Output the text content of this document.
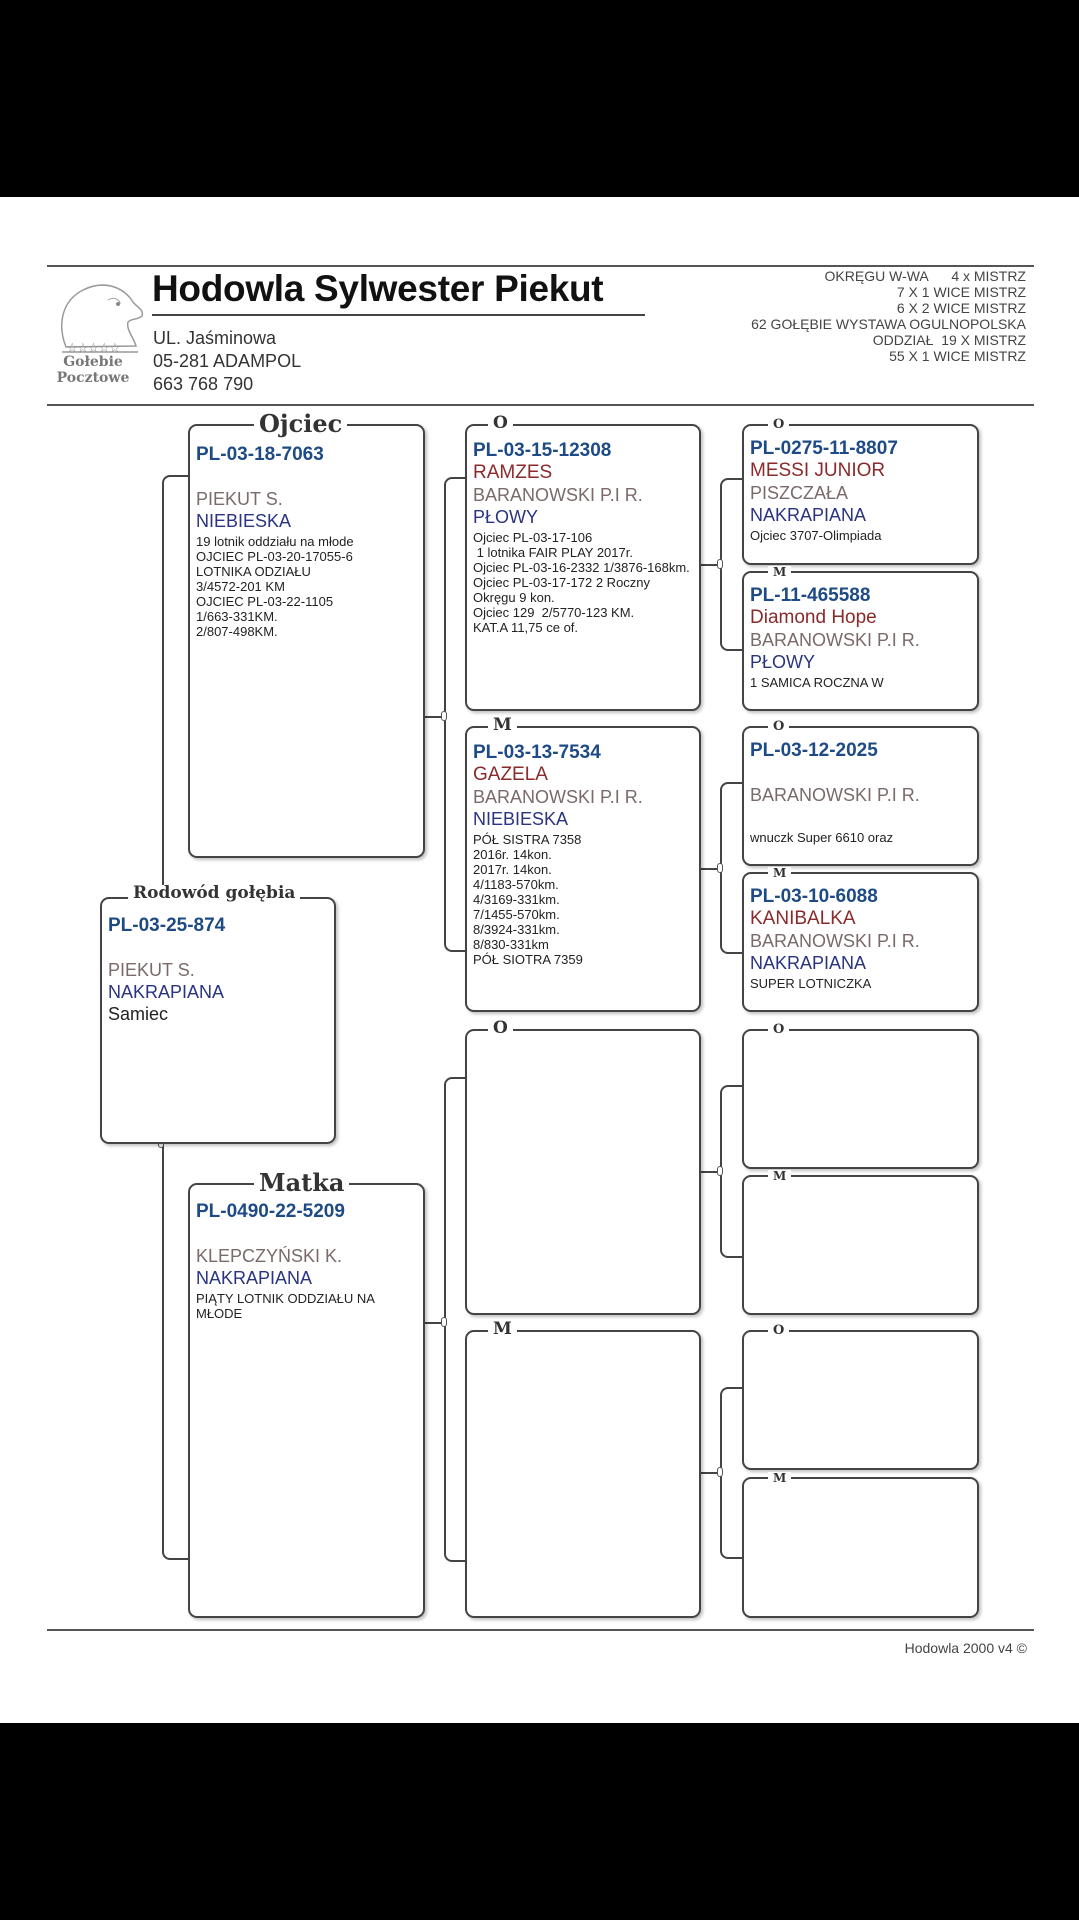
☆☆☆☆☆
Gołebie
Pocztowe
Hodowla Sylwester Piekut
UL. Jaśminowa
05-281 ADAMPOL
663 768 790
OKRĘGU W-WA      4 x MISTRZ
7 X 1 WICE MISTRZ
6 X 2 WICE MISTRZ
62 GOŁĘBIE WYSTAWA OGULNOPOLSKA
ODDZIAŁ  19 X MISTRZ
55 X 1 WICE MISTRZ
PL-03-25-874
PIEKUT S.
NAKRAPIANA
Samiec
Rodowód gołębia
PL-03-18-7063
PIEKUT S.
NIEBIESKA
19 lotnik oddziału na młode
OJCIEC PL-03-20-17055-6
LOTNIKA ODZIAŁU
3/4572-201 KM
OJCIEC PL-03-22-1105
1/663-331KM.
2/807-498KM.
Ojciec
PL-0490-22-5209
KLEPCZYŃSKI K.
NAKRAPIANA
PIĄTY LOTNIK ODDZIAŁU NA MŁODE
Matka
PL-03-15-12308
RAMZES
BARANOWSKI P.I R.
PŁOWY
Ojciec PL-03-17-106
1 lotnika FAIR PLAY 2017r.
Ojciec PL-03-16-2332 1/3876-168km.
Ojciec PL-03-17-172 2 Roczny Okręgu 9 kon.
Ojciec 129  2/5770-123 KM.
KAT.A 11,75 ce of.
O
PL-03-13-7534
GAZELA
BARANOWSKI P.I R.
NIEBIESKA
PÓŁ SISTRA 7358
2016r. 14kon.
2017r. 14kon.
4/1183-570km.
4/3169-331km.
7/1455-570km.
8/3924-331km.
8/830-331km
PÓŁ SIOTRA 7359
M
O
M
PL-0275-11-8807
MESSI JUNIOR
PISZCZAŁA
NAKRAPIANA
Ojciec 3707-Olimpiada
O
PL-11-465588
Diamond Hope
BARANOWSKI P.I R.
PŁOWY
1 SAMICA ROCZNA W
M
PL-03-12-2025
BARANOWSKI P.I R.
wnuczk Super 6610 oraz
O
PL-03-10-6088
KANIBALKA
BARANOWSKI P.I R.
NAKRAPIANA
SUPER LOTNICZKA
M
O
M
O
M
Hodowla 2000 v4 ©
